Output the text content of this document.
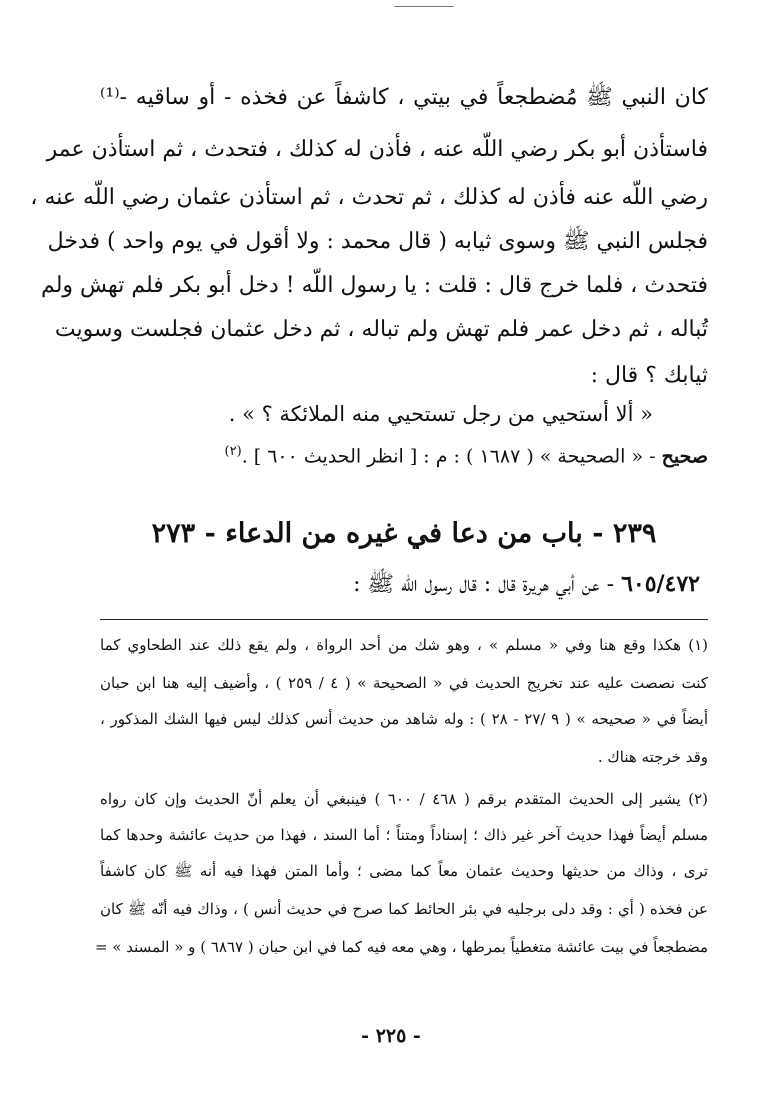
كان النبي ﷺ مُضطجعاً في بيتي ، كاشفاً عن فخذه - أو ساقيه -⁽¹⁾
فاستأذن أبو بكر رضي اللّه عنه ، فأذن له كذلك ، فتحدث ، ثم استأذن عمر
رضي اللّه عنه فأذن له كذلك ، ثم تحدث ، ثم استأذن عثمان رضي اللّه عنه ،
فجلس النبي ﷺ وسوى ثيابه ( قال محمد : ولا أقول في يوم واحد ) فدخل
فتحدث ، فلما خرج قال : قلت : يا رسول اللّه ! دخل أبو بكر فلم تهش ولم
تُباله ، ثم دخل عمر فلم تهش ولم تباله ، ثم دخل عثمان فجلست وسويت
ثيابك ؟ قال :
« ألا أستحيي من رجل تستحيي منه الملائكة ؟ » .
صحيح - « الصحيحة » ( ١٦٨٧ ) : م : [ انظر الحديث ٦٠٠ ] .$^{(٢)}$
٢٣٩ - باب من دعا في غيره من الدعاء - ٢٧٣
٦٠٥/٤٧٢ - عن أبي هريرة قال : قال رسول اللّه ﷺ :
(١) هكذا وقع هنا وفي « مسلم » ، وهو شك من أحد الرواة ، ولم يقع ذلك عند الطحاوي كما
كنت نصصت عليه عند تخريج الحديث في « الصحيحة » ( ٤ / ٢٥٩ ) ، وأضيف إليه هنا ابن حبان
أيضاً في « صحيحه » ( ٩ /٢٧ - ٢٨ ) : وله شاهد من حديث أنس كذلك ليس فيها الشك المذكور ،
وقد خرجته هناك .
(٢) يشير إلى الحديث المتقدم برقم ( ٤٦٨ / ٦٠٠ ) فينبغي أن يعلم أنّ الحديث وإن كان رواه
مسلم أيضاً فهذا حديث آخر غير ذاك ؛ إسناداً ومتناً ؛ أما السند ، فهذا من حديث عائشة وحدها كما
ترى ، وذاك من حديثها وحديث عثمان معاً كما مضى ؛ وأما المتن فهذا فيه أنه ﷺ كان كاشفاً
عن فخذه ( أي : وقد دلى برجليه في بئر الحائط كما صرح في حديث أنس ) ، وذاك فيه أنّه ﷺ كان
مضطجعاً في بيت عائشة متغطياً بمرطها ، وهي معه فيه كما في ابن حبان ( ٦٨٦٧ ) و « المسند » =
- ٢٢٥ -
